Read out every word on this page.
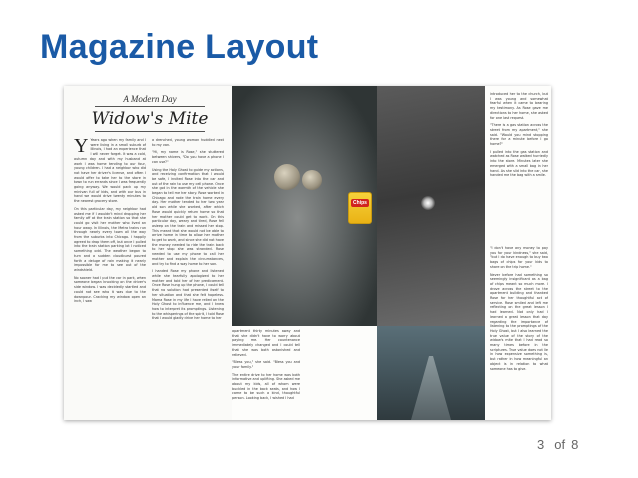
Magazine Layout
A Modern Day
Widow's Mite

Y Years ago when my family and I were living in a small suburb of Illinois, I had an experience that I will never forget. It was a cold, autumn day and with my husband at work I was home tending to our four, young children. I had a neighbor who did not have her driver's license, and often I would offer to take her to the store in town to run errands since I was frequently going anyway. We would pack up my minivan full of kids, and with our bus in hand we would drive twenty minutes to the nearest grocery store.

On this particular day, my neighbor had asked me if I wouldn't mind dropping her family off at the train station so that she could go visit her mother who lived an hour away. In Illinois, the Metra trains run through nearly every town all the way from the suburbs into Chicago. I happily agreed to drop them off, but once I pulled into the train station parking lot I noticed something odd. The weather began to turn and a sudden cloudburst poured forth a deluge of rain making it nearly impossible for me to see out of the windshield.

No sooner had I put the car in park, when someone began knocking on the driver's side window. I was decidedly startled and could not see who it was due to the downpour. Cracking my window open an inch, I saw

a drenched, young woman huddled next to my van.

"Hi, my name is Rose," she stuttered between shivers, "Do you have a phone I can use?"

Using the Holy Ghost to guide my actions, and receiving confirmation that I would be safe, I invited Rose into the car and out of the rain to use my cell phone. Once she got in the warmth of the vehicle she began to tell me her story. Rose worked in Chicago and rode the train home every day. Her mother tended to her two year old son while she worked, after which Rose would quickly return home so that her mother could get to work. On this particular day, weary and tired, Rose fell asleep on the train and missed her stop. This meant that she would not be able to arrive home in time to allow her mother to get to work, and since she did not have the money needed to ride the train back to her stop she was stranded. Rose needed to use my phone to call her mother and explain the circumstances, and try to find a way home to her son.

I handed Rose my phone and listened while she tearfully apologized to her mother and told her of her predicament. Once Rose hung up the phone, I could tell that no solution had presented itself to her situation and that she felt hopeless. Mama Rose in my life I have relied on the Holy Ghost to influence me, and I knew how to interpret its promptings. Listening to the whisperings of the spirit, I told Rose that I would gladly drive her home to her

apartment thirty minutes away and that she didn't have to worry about paying me. Her countenance immediately changed and I could tell that she was both astonished and relieved.

"Bless you," she said. "Bless you and your family."

The entire drive to her home was both informative and uplifting. She asked me about my kids, all of whom were buckled in the back seats, and how I came to be such a kind, thoughtful person. Looking back, I wished I had

introduced her to the church, but I was young and somewhat fearful when it came to bearing my testimony. As Rose gave me directions to her home, she asked for one last request.

"There is a gas station across the street from my apartment," she said. "Would you mind stopping there for a minute before I go home?"

I pulled into the gas station and watched as Rose walked hurriedly into the store. Minutes later she emerged with a small bag in her hand. As she slid into the car, she handed me the bag with a smile.

Chips

"I don't have any money to pay you for your kindness," she said, "but I do have enough to buy two bags of chips for your kids to share on the trip home."

Never before had something so seemingly insignificant as a bag of chips meant so much more. I drove across the street to the apartment building and thanked Rose for her thoughtful act of service. Rose smiled and left me reflecting on the great lesson I had learned. Not only had I learned a great lesson that day regarding the importance of listening to the promptings of the Holy Ghost, but I also learned the true value of the story of the widow's mite that I had read so many times before in the scriptures. True value does not lie in how expensive something is, but rather in how meaningful an object is in relation to what someone has to give.

3 of 8
